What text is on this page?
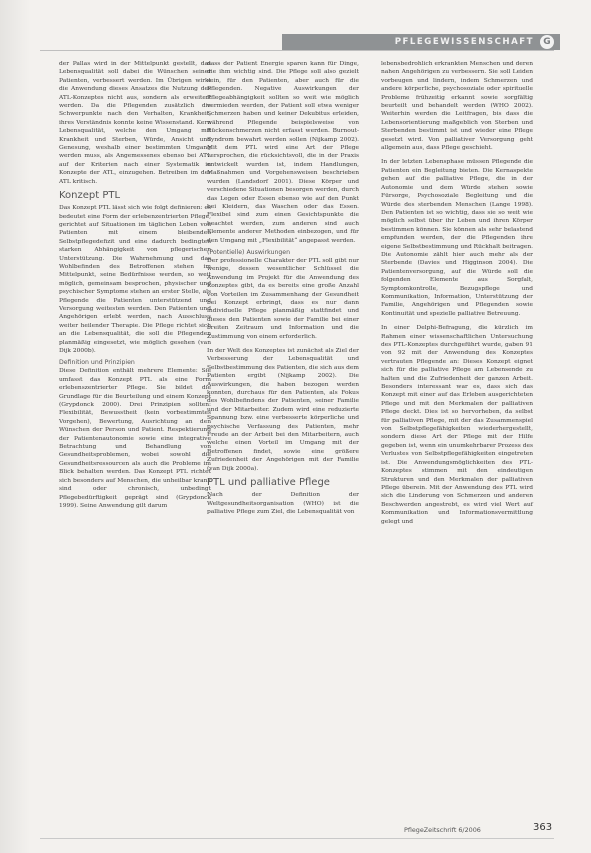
PFLEGEWISSENSCHAFT	G

der Pallas wird in der Mittelpunkt gestellt, das Lebensqualität soll dabei die Wünschen seiner Patienten, verbessert werden. Im Übrigen wirkt die Anwendung dieses Ansatzes die Nutzung des ATL-Konzeptes nicht aus, sondern als erweitert werden. Da die Pflegenden zusätzlich die Schwerpunkte nach den Verhalten, Krankheit, ihres Verständnis konnte keine Wissenstand. Kern Lebensqualität, welche den Umgang mit Krankheit und Sterben, Würde, Ansicht und Genesung, weshalb einer bestimmten Umgang werden muss, als Angemessenes ebenso bei ATL auf der Kriterien nach einer Systematik in Konzepte der ATL, einzugehen. Betreiben im der ATL kritisch.

Konzept PTL

Das Konzept PTL lässt sich wie folgt definieren: es bedeutet eine Form der erlebenzentrierten Pflege, gerichtet auf Situationen im täglichen Leben von Patienten mit einem bleibenden Selbstpflegedefizit und eine dadurch bedingten starken Abhängigkeit von pflegerischen Unterstützung. Die Wahrnehmung und das Wohlbefinden des Betroffenen stehen im Mittelpunkt, seine Bedürfnisse werden, so weit möglich, gemeinsam besprochen, physischer und psychischer Symptome stehen an erster Stelle, als Pflegende die Patienten unterstützend und Versorgung weitesten werden. Den Patienten und Angehörigen erlebt werden, nach Ausschluss weiter heilender Therapie. Die Pflege richtet sich an die Lebensqualität, die soll die Pflegenden planmäßig eingesetzt, wie möglich gesehen (van Dijk 2000b).

Definition und Prinzipien

Diese Definition enthält mehrere Elemente: Sie umfasst das Konzept PTL als eine Form erlebenszentrierter Pflege. Sie bildet die Grundlage für die Beurteilung und einem Konzept (Grypdonck 2000). Drei Prinzipien sollten: Flexibilität, Bewusstheit (kein vorbestimmtes Vorgehen), Bewertung, Ausrichtung an den Wünschen der Person und Patient. Respektierung der Patientenautonomie sowie eine integrative Betrachtung und Behandlung von Gesundheitsproblemen, wobei sowohl die Gesundheitsressourcen als auch die Probleme im Blick behalten werden. Das Konzept PTL richtet sich besonders auf Menschen, die unheilbar krank sind oder chronisch, unbedingt Pflegebedürftigkeit geprägt sind (Grypdonck 1999). Seine Anwendung gilt darum

dass der Patient Energie sparen kann für Dinge, die ihm wichtig sind. Die Pflege soll also gezielt sein, für den Patienten, aber auch für die Pflegenden. Negative Auswirkungen der Pflegeabhängigkeit sollten so weit wie möglich vermieden werden, der Patient soll etwa weniger Schmerzen haben und keiner Dekubitus erleiden, während Pflegende beispielsweise von Rückenschmerzen nicht erfasst werden. Burnout-Syndrom bewahrt werden sollen (Nijkamp 2002). Mit dem PTL wird eine Art der Pflege versprochen, die rücksichtsvoll, die in der Praxis entwickelt wurden ist, indem Handlungen, Maßnahmen und Vorgehensweisen beschrieben wurden (Landsdorf 2001). Diese Körper und verschiedene Situationen besorgen werden, durch das Legen oder Essen ebenso wie auf den Punkt bei Kleidern, das Waschen oder das Essen. Flexibel sind zum einen Gesichtspunkte die beachtet werden, zum anderen sind auch Elemente anderer Methoden einbezogen, und für den Umgang mit „Flexibilität“ angepasst werden.

(Potentielle) Auswirkungen

Der professionelle Charakter der PTL soll gibt nur wenige, dessen wesentlicher Schlüssel die Anwendung im Projekt für die Anwendung des Konzeptes gibt, da es bereits eine große Anzahl von Vorteilen im Zusammenhang der Gesundheit bei Konzept erbringt, dass es nur dann individuelle Pflege planmäßig stattfindet und dieses den Patienten sowie der Familie bei einer breiten Zeitraum und Information und die Zustimmung von einem erforderlich.

In der Welt des Konzeptes ist zunächst als Ziel der Verbesserung der Lebensqualität und Selbstbestimmung des Patienten, die sich aus dem Patienten ergibt (Nijkamp 2002). Die Auswirkungen, die haben bezogen werden konnten, durchaus für den Patienten, als Fokus des Wohlbefindens der Patienten, seiner Familie und der Mitarbeiter. Zudem wird eine reduzierte Spannung bzw. eine verbesserte körperliche und psychische Verfassung des Patienten, mehr Freude an der Arbeit bei den Mitarbeitern, auch welche einen Vorteil im Umgang mit der Betroffenen findet, sowie eine größere Zufriedenheit der Angehörigen mit der Familie (van Dijk 2000a).

PTL und palliative Pflege

Nach der Definition der Weltgesundheitsorganisation (WHO) ist die palliative Pflege zum Ziel, die Lebensqualität von

lebensbedrohlich erkrankten Menschen und deren nahen Angehörigen zu verbessern. Sie soll Leiden vorbeugen und lindern, indem Schmerzen und andere körperliche, psychosoziale oder spirituelle Probleme frühzeitig erkannt sowie sorgfältig beurteilt und behandelt werden (WHO 2002). Weiterhin werden die Leitfragen, bis dass die Lebensorientierung maßgeblich von Sterben und Sterbenden bestimmt ist und wieder eine Pflege gesetzt wird. Von palliativer Versorgung geht allgemein aus, dass Pflege geschieht.

In der letzten Lebensphase müssen Pflegende die Patienten ein Begleitung bieten. Die Kernaspekte gehen auf die palliative Pflege, die in der Autonomie und dem Würde stehen sowie Fürsorge, Psychosoziale Begleitung und die Würde des sterbenden Menschen (Lange 1998). Den Patienten ist so wichtig, dass sie so weit wie möglich selbst über ihr Leben und ihren Körper bestimmen können. Sie können als sehr belastend empfunden werden, der die Pflegenden ihre eigene Selbstbestimmung und Rückhalt beitragen. Die Autonomie zählt hier auch mehr als der Sterbende (Davies und Higginson 2004). Die Patientenversorgung, auf die Würde soll die folgenden Elemente aus Sorgfalt, Symptomkontrolle, Bezugspflege und Kommunikation, Information, Unterstützung der Familie, Angehörigen und Pflegenden sowie Kontinuität und spezielle palliative Betreuung.

In einer Delphi-Befragung, die kürzlich im Rahmen einer wissenschaftlichen Untersuchung des PTL-Konzeptes durchgeführt wurde, gaben 91 von 92 mit der Anwendung des Konzeptes vertrauten Pflegende an: Dieses Konzept eignet sich für die palliative Pflege am Lebensende zu halten und die Zufriedenheit der ganzen Arbeit. Besonders interessant war es, dass sich das Konzept mit einer auf das Erleben ausgerichteten Pflege und mit den Merkmalen der palliativen Pflege deckt. Dies ist so hervorheben, da selbst für palliativen Pflege, mit der das Zusammenspiel von Selbstpflegefähigkeiten wiederhergestellt, sondern diese Art der Pflege mit der Hilfe gegeben ist, wenn ein unumkehrbarer Prozess des Verlustes von Selbstpflegefähigkeiten eingetreten ist. Die Anwendungsmöglichkeiten des PTL-Konzeptes stimmen mit den eindeutigen Strukturen und den Merkmalen der palliativen Pflege überein. Mit der Anwendung des PTL wird sich die Linderung von Schmerzen und anderen Beschwerden angestrebt, es wird viel Wert auf Kommunikation und Informationsvermittlung gelegt und

PflegeZeitschrift 6/2006	363
